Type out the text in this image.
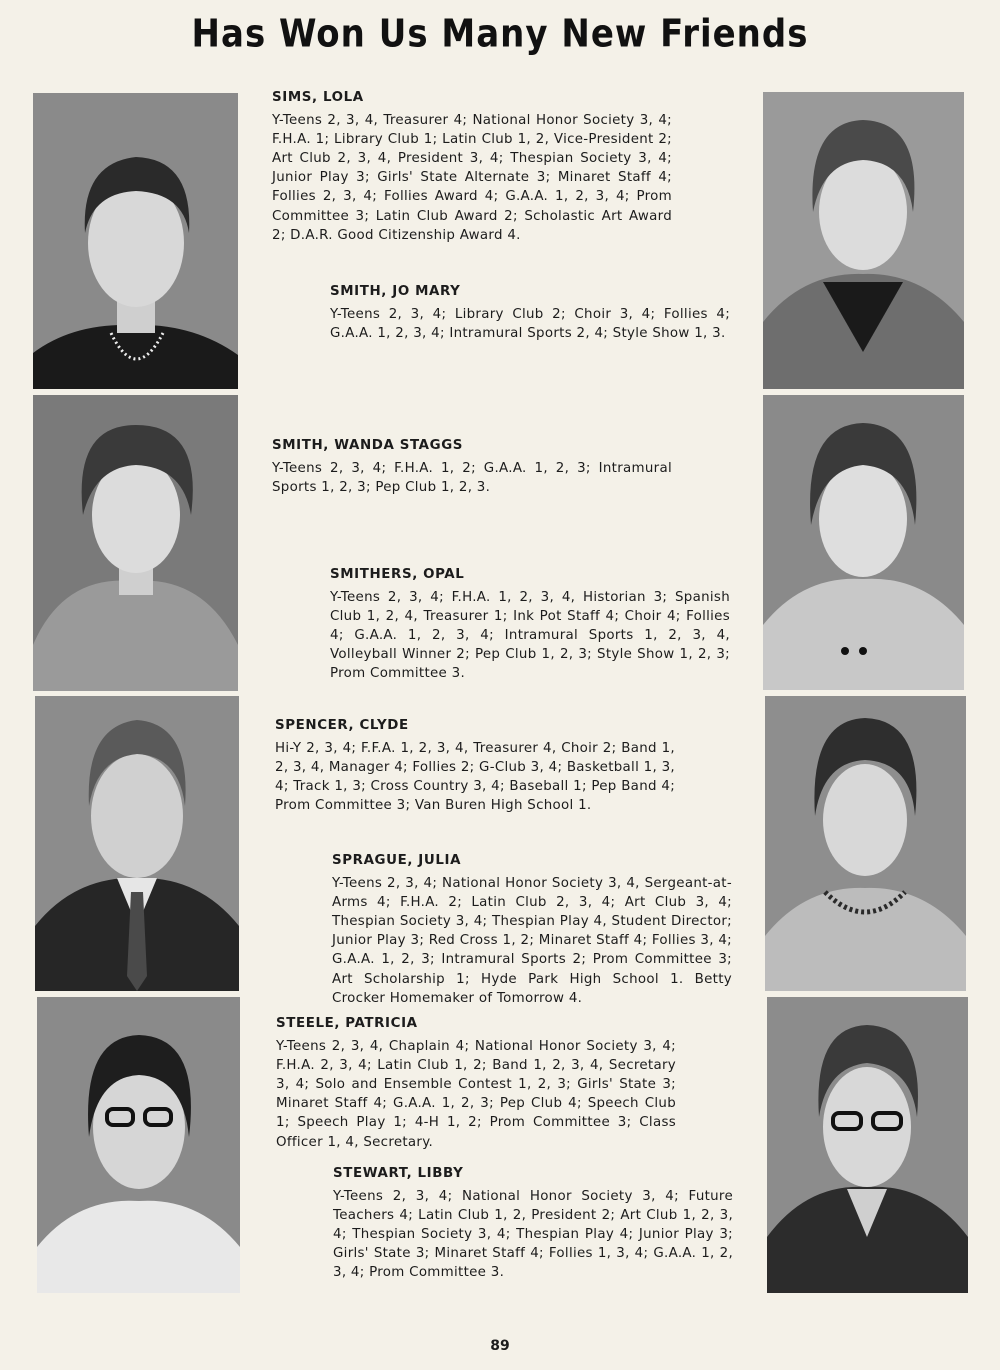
Has Won Us Many New Friends
SIMS, LOLA
Y-Teens 2, 3, 4, Treasurer 4; National Honor Society 3, 4; F.H.A. 1; Library Club 1; Latin Club 1, 2, Vice-President 2; Art Club 2, 3, 4, President 3, 4; Thespian Society 3, 4; Junior Play 3; Girls' State Alternate 3; Minaret Staff 4; Follies 2, 3, 4; Follies Award 4; G.A.A. 1, 2, 3, 4; Prom Committee 3; Latin Club Award 2; Scholastic Art Award 2; D.A.R. Good Citizenship Award 4.
SMITH, JO MARY
Y-Teens 2, 3, 4; Library Club 2; Choir 3, 4; Follies 4; G.A.A. 1, 2, 3, 4; Intramural Sports 2, 4; Style Show 1, 3.
SMITH, WANDA STAGGS
Y-Teens 2, 3, 4; F.H.A. 1, 2; G.A.A. 1, 2, 3; Intramural Sports 1, 2, 3; Pep Club 1, 2, 3.
SMITHERS, OPAL
Y-Teens 2, 3, 4; F.H.A. 1, 2, 3, 4, Historian 3; Spanish Club 1, 2, 4, Treasurer 1; Ink Pot Staff 4; Choir 4; Follies 4; G.A.A. 1, 2, 3, 4; Intramural Sports 1, 2, 3, 4, Volleyball Winner 2; Pep Club 1, 2, 3; Style Show 1, 2, 3; Prom Committee 3.
SPENCER, CLYDE
Hi-Y 2, 3, 4; F.F.A. 1, 2, 3, 4, Treasurer 4, Choir 2; Band 1, 2, 3, 4, Manager 4; Follies 2; G-Club 3, 4; Basketball 1, 3, 4; Track 1, 3; Cross Country 3, 4; Baseball 1; Pep Band 4; Prom Committee 3; Van Buren High School 1.
SPRAGUE, JULIA
Y-Teens 2, 3, 4; National Honor Society 3, 4, Sergeant-at-Arms 4; F.H.A. 2; Latin Club 2, 3, 4; Art Club 3, 4; Thespian Society 3, 4; Thespian Play 4, Student Director; Junior Play 3; Red Cross 1, 2; Minaret Staff 4; Follies 3, 4; G.A.A. 1, 2, 3; Intramural Sports 2; Prom Committee 3; Art Scholarship 1; Hyde Park High School 1. Betty Crocker Homemaker of Tomorrow 4.
STEELE, PATRICIA
Y-Teens 2, 3, 4, Chaplain 4; National Honor Society 3, 4; F.H.A. 2, 3, 4; Latin Club 1, 2; Band 1, 2, 3, 4, Secretary 3, 4; Solo and Ensemble Contest 1, 2, 3; Girls' State 3; Minaret Staff 4; G.A.A. 1, 2, 3; Pep Club 4; Speech Club 1; Speech Play 1; 4-H 1, 2; Prom Committee 3; Class Officer 1, 4, Secretary.
STEWART, LIBBY
Y-Teens 2, 3, 4; National Honor Society 3, 4; Future Teachers 4; Latin Club 1, 2, President 2; Art Club 1, 2, 3, 4; Thespian Society 3, 4; Thespian Play 4; Junior Play 3; Girls' State 3; Minaret Staff 4; Follies 1, 3, 4; G.A.A. 1, 2, 3, 4; Prom Committee 3.
89
